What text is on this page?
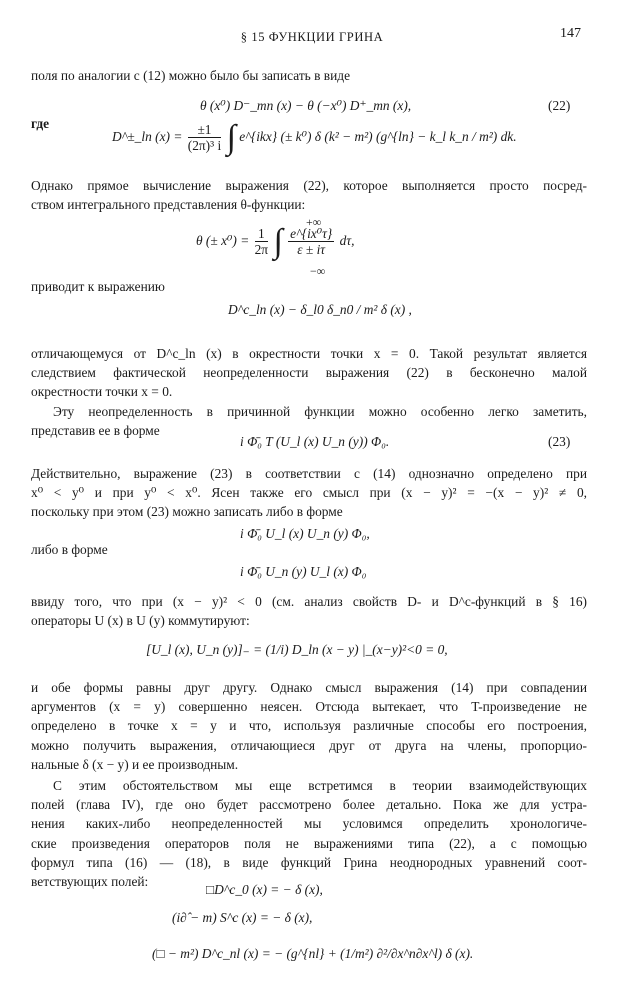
§ 15 ФУНКЦИИ ГРИНА	147
поля по аналогии с (12) можно было бы записать в виде
θ (x⁰) D⁻_mn (x) − θ (−x⁰) D⁺_mn (x),	(22)
где
D^±_ln $(x) = \frac{\pm 1}{\text{(2π)³ i}}$ ∫ e^{ikx} (± k⁰) δ (k² − m²) (g^{ln} − k_l k_n / m²) dk.
Однако прямое вычисление выражения (22), которое выполняется просто посред-
ством интегрального представления θ-функции:
θ (± $x^0) = \frac{1}{2\pi}$ ∫ $\frac{\text{e\textasciicircum{}\{ix⁰τ\}}}{\varepsilon \pm i\tau} d\tau$,
+∞
−∞
приводит к выражению
D^c_ln (x) − δ_l0 δ_n0 / m² δ (x) ,
отличающемуся от D^c_ln (x) в окрестности точки x = 0. Такой результат является
следствием фактической неопределенности выражения (22) в бесконечно малой
окрестности точки x = 0.
Эту неопределенность в причинной функции можно особенно легко заметить,
представив ее в форме
i Φ̄₀ T (U_l (x) U_n (y)) Φ₀.	(23)
Действительно, выражение (23) в соответствии с (14) однозначно определено при
x⁰ < y⁰ и при y⁰ < x⁰. Ясен также его смысл при (x − y)² = −(x − y)² ≠ 0,
поскольку при этом (23) можно записать либо в форме
i Φ̄₀ U_l (x) U_n (y) Φ₀,
либо в форме
i Φ̄₀ U_n (y) U_l (x) Φ₀
ввиду того, что при (x − y)² < 0 (см. анализ свойств D- и D^c-функций в § 16)
операторы U (x) в U (y) коммутируют:
[U_l (x), U_n (y)]₋ = (1/i) D_ln (x − y) |_(x−y)²<0 = 0,
и обе формы равны друг другу. Однако смысл выражения (14) при совпадении
аргументов (x = y) совершенно неясен. Отсюда вытекает, что T-произведение не
определено в точке x = y и что, используя различные способы его построения,
можно получить выражения, отличающиеся друг от друга на члены, пропорцио-
нальные δ (x − y) и ее производным.
С этим обстоятельством мы еще встретимся в теории взаимодействующих
полей (глава IV), где оно будет рассмотрено более детально. Пока же для устра-
нения каких-либо неопределенностей мы условимся определить хронологиче-
ские произведения операторов поля не выражениями типа (22), а с помощью
формул типа (16) — (18), в виде функций Грина неоднородных уравнений соот-
ветствующих полей:
□D^c_0 (x) = − δ (x),
(i∂̂ − m) S^c (x) = − δ (x),
(□ − m²) D^c_nl (x) = − (g^{nl} + (1/m²) ∂²/∂x^n∂x^l) δ (x).
